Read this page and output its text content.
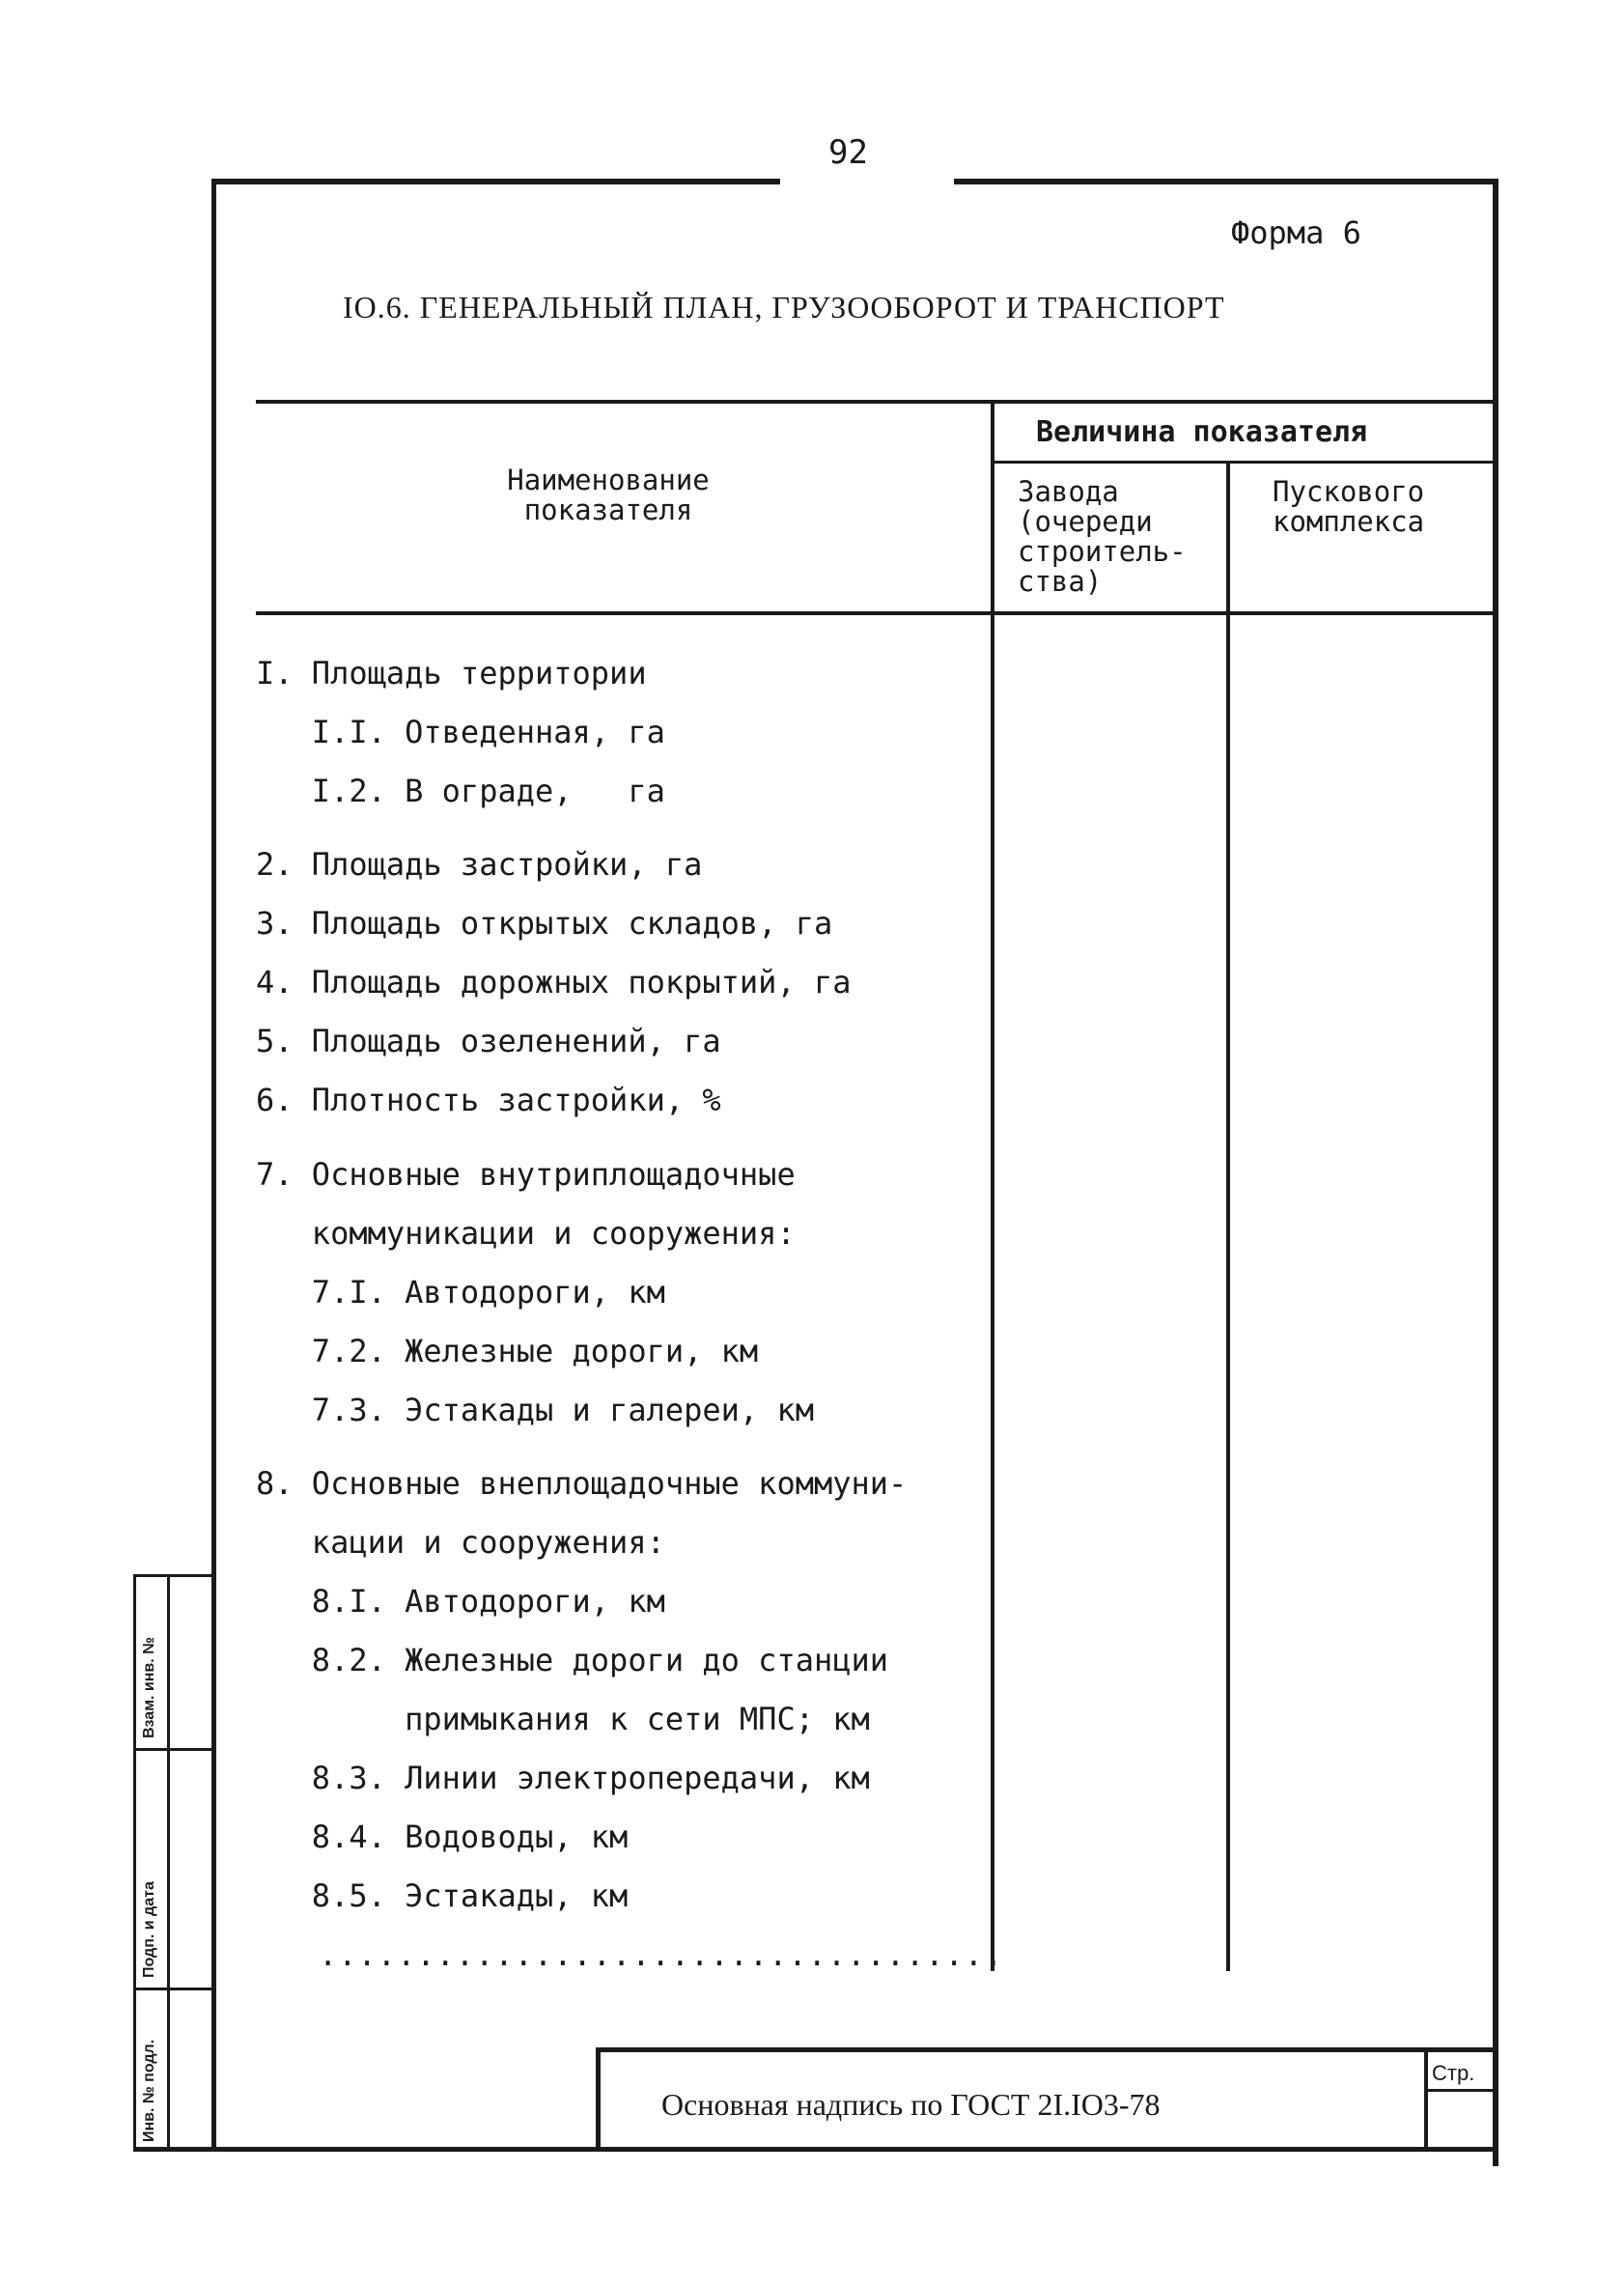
92
Форма 6
IO.6. ГЕНЕРАЛЬНЫЙ ПЛАН, ГРУЗООБОРОТ И ТРАНСПОРТ
Наименование
показателя
Величина показателя
Завода
(очереди
строитель-
ства)
Пускового
комплекса
I. Площадь территории
I.I. Отведенная, га
I.2. В ограде,   га
2. Площадь застройки, га
3. Площадь открытых складов, га
4. Площадь дорожных покрытий, га
5. Площадь озеленений, га
6. Плотность застройки, %
7. Основные внутриплощадочные
коммуникации и сооружения:
7.I. Автодороги, км
7.2. Железные дороги, км
7.3. Эстакады и галереи, км
8. Основные внеплощадочные коммуни-
кации и сооружения:
8.I. Автодороги, км
8.2. Железные дороги до станции
примыкания к сети МПС; км
8.3. Линии электропередачи, км
8.4. Водоводы, км
8.5. Эстакады, км
...................................
Взам. инв. №
Подп. и дата
Инв. № подл.	Основная надпись по ГОСТ 2I.IO3-78
Стр.
